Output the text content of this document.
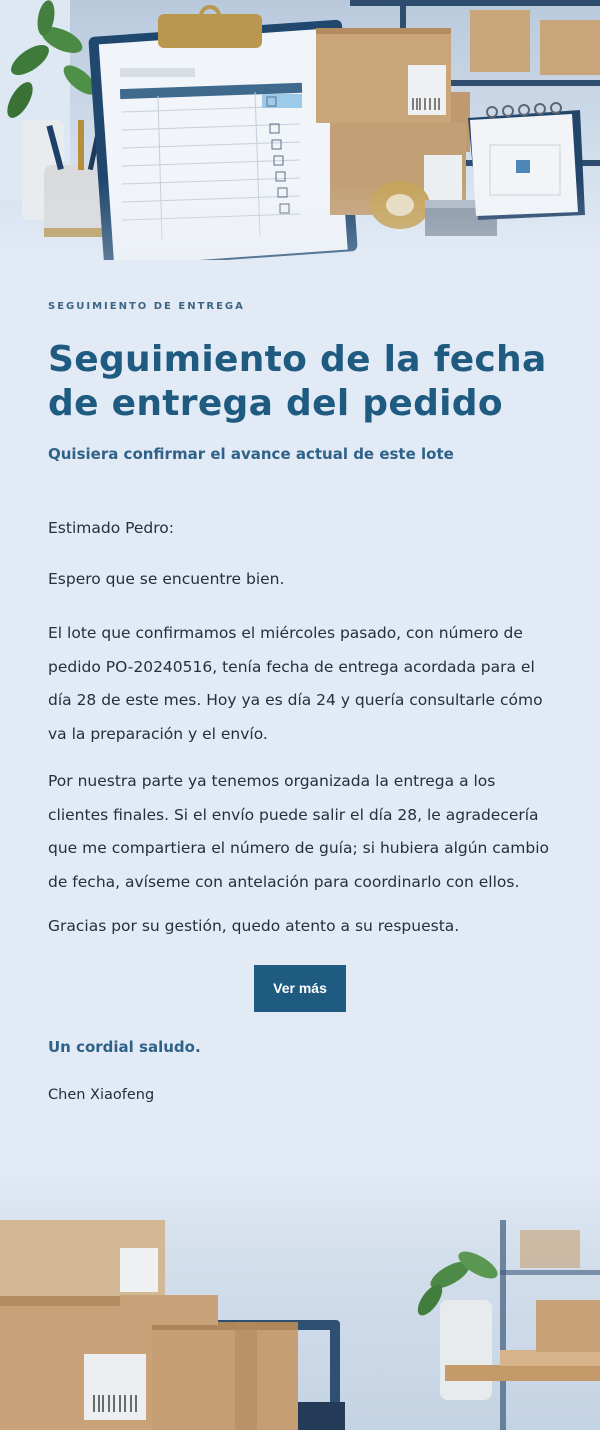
SEGUIMIENTO DE ENTREGA

Seguimiento de la fecha de entrega del pedido

Quisiera confirmar el avance actual de este lote

Estimado Pedro:

Espero que se encuentre bien.

El lote que confirmamos el miércoles pasado, con número de pedido PO-20240516, tenía fecha de entrega acordada para el día 28 de este mes. Hoy ya es día 24 y quería consultarle cómo va la preparación y el envío.

Por nuestra parte ya tenemos organizada la entrega a los clientes finales. Si el envío puede salir el día 28, le agradecería que me compartiera el número de guía; si hubiera algún cambio de fecha, avíseme con antelación para coordinarlo con ellos.

Gracias por su gestión, quedo atento a su respuesta.

Ver más
Un cordial saludo.
Chen Xiaofeng
